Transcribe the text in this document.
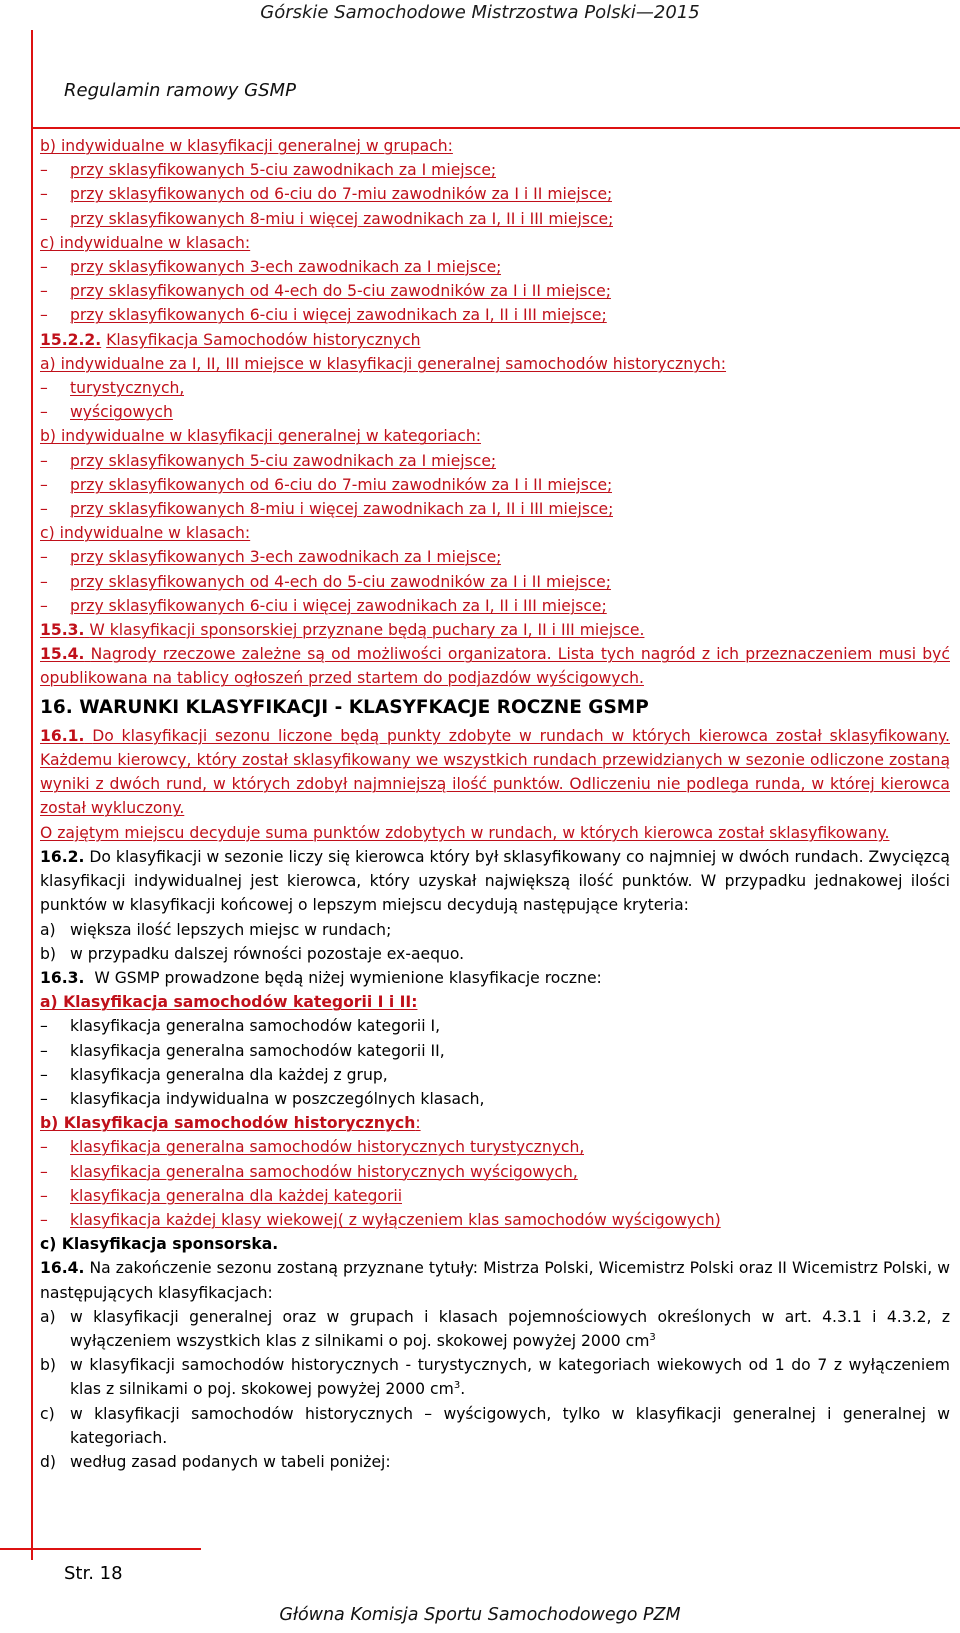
Górskie Samochodowe Mistrzostwa Polski—2015
Regulamin ramowy GSMP
b) indywidualne w klasyfikacji generalnej w grupach:
–	przy sklasyfikowanych 5-ciu zawodnikach za I miejsce;
–	przy sklasyfikowanych od 6-ciu do 7-miu zawodników za I i II miejsce;
–	przy sklasyfikowanych 8-miu i więcej zawodnikach za I, II i III miejsce;
c) indywidualne w klasach:
–	przy sklasyfikowanych 3-ech zawodnikach za I miejsce;
–	przy sklasyfikowanych od 4-ech do 5-ciu zawodników za I i II miejsce;
–	przy sklasyfikowanych 6-ciu i więcej zawodnikach za I, II i III miejsce;
15.2.2. Klasyfikacja Samochodów historycznych
a) indywidualne za I, II, III miejsce w klasyfikacji generalnej samochodów historycznych:
–	turystycznych,
–	wyścigowych
b) indywidualne w klasyfikacji generalnej w kategoriach:
–	przy sklasyfikowanych 5-ciu zawodnikach za I miejsce;
–	przy sklasyfikowanych od 6-ciu do 7-miu zawodników za I i II miejsce;
–	przy sklasyfikowanych 8-miu i więcej zawodnikach za I, II i III miejsce;
c) indywidualne w klasach:
–	przy sklasyfikowanych 3-ech zawodnikach za I miejsce;
–	przy sklasyfikowanych od 4-ech do 5-ciu zawodników za I i II miejsce;
–	przy sklasyfikowanych 6-ciu i więcej zawodnikach za I, II i III miejsce;
15.3. W klasyfikacji sponsorskiej przyznane będą puchary za I, II i III miejsce.
15.4. Nagrody rzeczowe zależne są od możliwości organizatora. Lista tych nagród z ich przeznaczeniem musi być opublikowana na tablicy ogłoszeń przed startem do podjazdów wyścigowych.
16. WARUNKI KLASYFIKACJI - KLASYFKACJE ROCZNE GSMP
16.1. Do klasyfikacji sezonu liczone będą punkty zdobyte w rundach w których kierowca został sklasyfikowany. Każdemu kierowcy, który został sklasyfikowany we wszystkich rundach przewidzianych w sezonie odliczone zostaną wyniki z dwóch rund, w których zdobył najmniejszą ilość punktów. Odliczeniu nie podlega runda, w której kierowca został wykluczony.
O zajętym miejscu decyduje suma punktów zdobytych w rundach, w których kierowca został sklasyfikowany.
16.2. Do klasyfikacji w sezonie liczy się kierowca który był sklasyfikowany co najmniej w dwóch rundach. Zwycięzcą klasyfikacji indywidualnej jest kierowca, który uzyskał największą ilość punktów. W przypadku jednakowej ilości punktów w klasyfikacji końcowej o lepszym miejscu decydują następujące kryteria:
a) większa ilość lepszych miejsc w rundach;
b) w przypadku dalszej równości pozostaje ex-aequo.
16.3. W GSMP prowadzone będą niżej wymienione klasyfikacje roczne:
a) Klasyfikacja samochodów kategorii I i II:
–	klasyfikacja generalna samochodów kategorii I,
–	klasyfikacja generalna samochodów kategorii II,
–	klasyfikacja generalna dla każdej z grup,
–	klasyfikacja indywidualna w poszczególnych klasach,
b) Klasyfikacja samochodów historycznych:
–	klasyfikacja generalna samochodów historycznych turystycznych,
–	klasyfikacja generalna samochodów historycznych wyścigowych,
–	klasyfikacja generalna dla każdej kategorii
–	klasyfikacja każdej klasy wiekowej( z wyłączeniem klas samochodów wyścigowych)
c) Klasyfikacja sponsorska.
16.4. Na zakończenie sezonu zostaną przyznane tytuły: Mistrza Polski, Wicemistrz Polski oraz II Wicemistrz Polski, w następujących klasyfikacjach:
a) w klasyfikacji generalnej oraz w grupach i klasach pojemnościowych określonych w art. 4.3.1 i 4.3.2, z wyłączeniem wszystkich klas z silnikami o poj. skokowej powyżej 2000 $cm^3$
b) w klasyfikacji samochodów historycznych - turystycznych, w kategoriach wiekowych od 1 do 7 z wyłączeniem klas z silnikami o poj. skokowej powyżej 2000 $cm^3$.
c) w klasyfikacji samochodów historycznych – wyścigowych, tylko w klasyfikacji generalnej i generalnej w kategoriach.
d) według zasad podanych w tabeli poniżej:
Str. 18
Główna Komisja Sportu Samochodowego PZM
